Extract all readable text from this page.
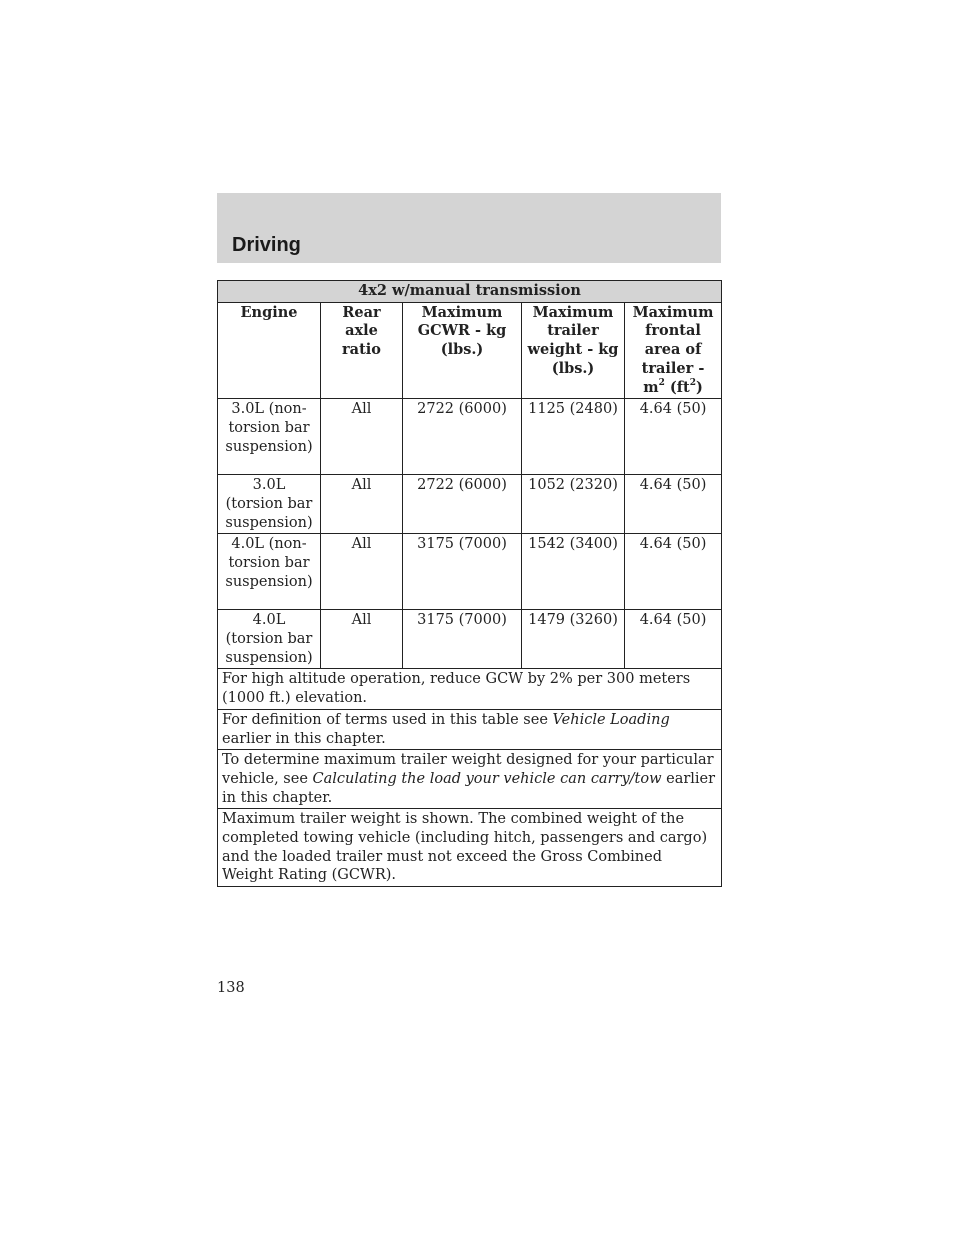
Driving
4x2 w/manual transmission				
Engine	Rear axle ratio	Maximum GCWR - kg (lbs.)	Maximum trailer weight - kg (lbs.)	Maximum frontal area of trailer - $m^2$ $(ft^2)$
3.0L (non-torsion bar suspension)	All	2722 (6000)	1125 (2480)	4.64 (50)
3.0L (torsion bar suspension)	All	2722 (6000)	1052 (2320)	4.64 (50)
4.0L (non-torsion bar suspension)	All	3175 (7000)	1542 (3400)	4.64 (50)
4.0L (torsion bar suspension)	All	3175 (7000)	1479 (3260)	4.64 (50)
For high altitude operation, reduce GCW by 2% per 300 meters (1000 ft.) elevation.				
For definition of terms used in this table see Vehicle Loading earlier in this chapter.				
To determine maximum trailer weight designed for your particular vehicle, see Calculating the load your vehicle can carry/tow earlier in this chapter.				
Maximum trailer weight is shown. The combined weight of the completed towing vehicle (including hitch, passengers and cargo) and the loaded trailer must not exceed the Gross Combined Weight Rating (GCWR).				
138
